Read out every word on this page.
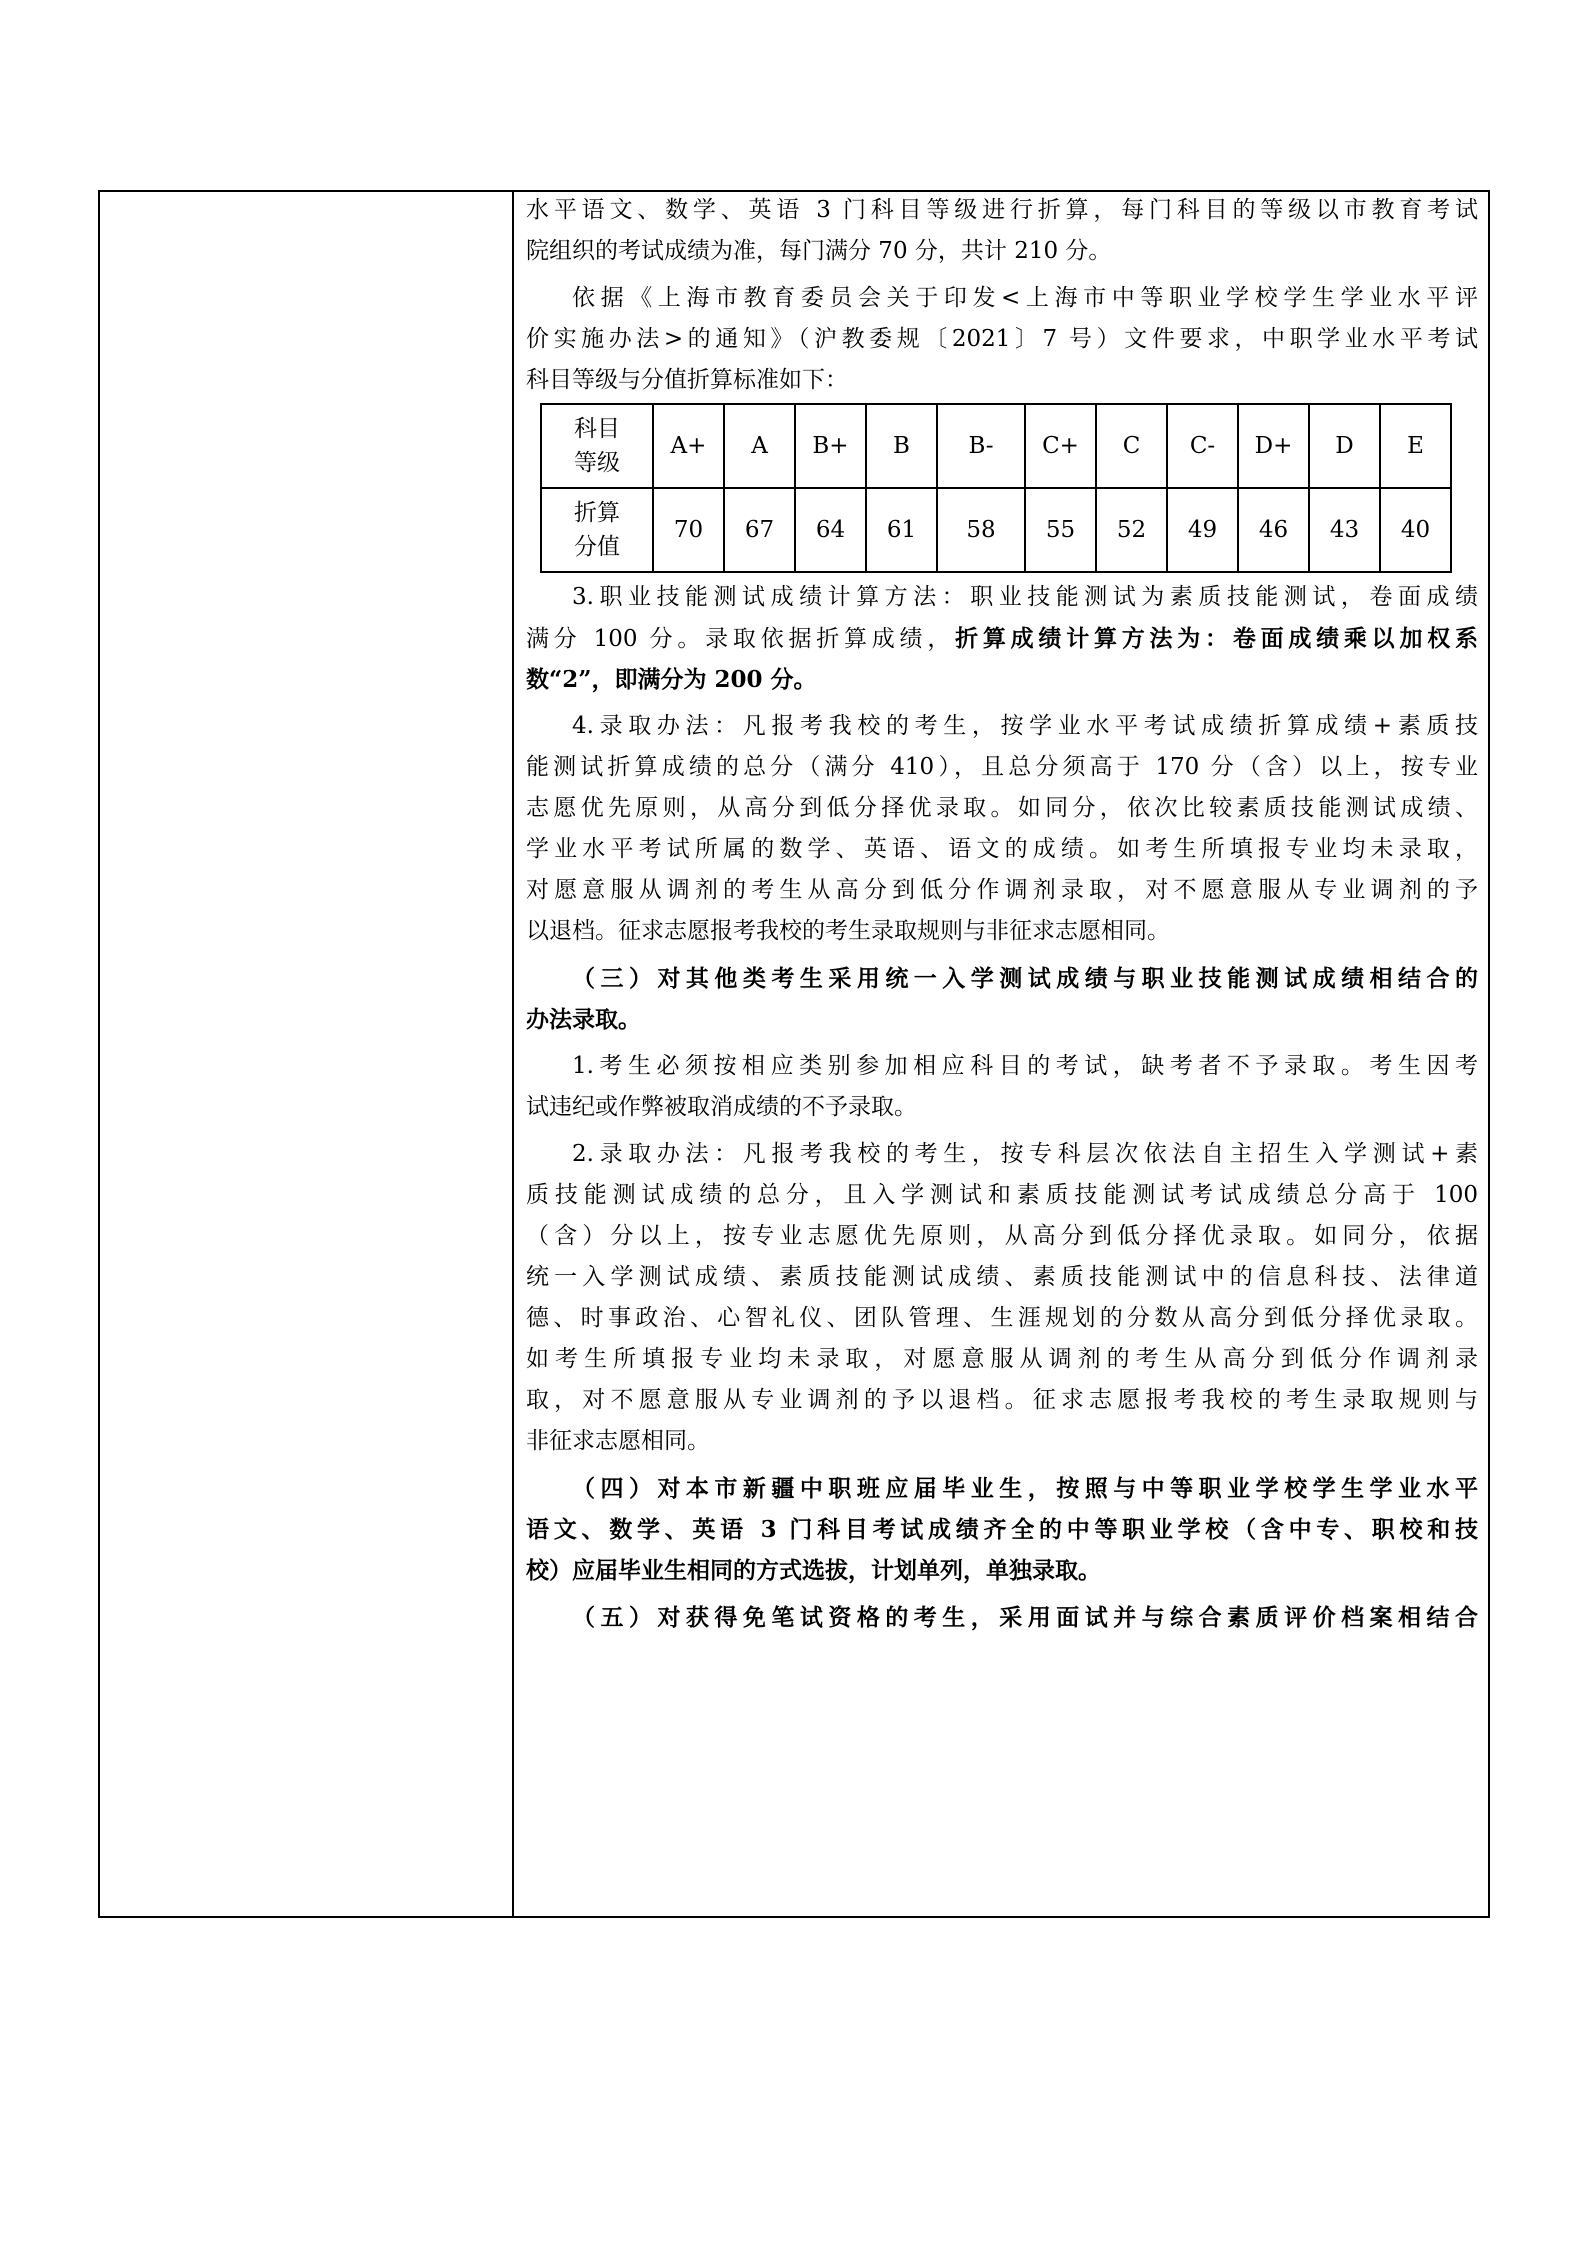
水平语文、数学、英语 3 门科目等级进行折算，每门科目的等级以市教育考试
院组织的考试成绩为准，每门满分 70 分，共计 210 分。
依据《上海市教育委员会关于印发<上海市中等职业学校学生学业水平评
价实施办法>的通知》（沪教委规〔2021〕7 号）文件要求，中职学业水平考试
科目等级与分值折算标准如下：
科目
等级	A+	A	B+	B	B-	C+	C	C-	D+	D	E

折算
分值	70	67	64	61	58	55	52	49	46	43	40
3.职业技能测试成绩计算方法：职业技能测试为素质技能测试，卷面成绩
满分 100 分。录取依据折算成绩，折算成绩计算方法为：卷面成绩乘以加权系
数“2”，即满分为 200 分。
4.录取办法：凡报考我校的考生，按学业水平考试成绩折算成绩+素质技
能测试折算成绩的总分（满分 410），且总分须高于 170 分（含）以上，按专业
志愿优先原则，从高分到低分择优录取。如同分，依次比较素质技能测试成绩、
学业水平考试所属的数学、英语、语文的成绩。如考生所填报专业均未录取，
对愿意服从调剂的考生从高分到低分作调剂录取，对不愿意服从专业调剂的予
以退档。征求志愿报考我校的考生录取规则与非征求志愿相同。
（三）对其他类考生采用统一入学测试成绩与职业技能测试成绩相结合的
办法录取。
1.考生必须按相应类别参加相应科目的考试，缺考者不予录取。考生因考
试违纪或作弊被取消成绩的不予录取。
2.录取办法：凡报考我校的考生，按专科层次依法自主招生入学测试+素
质技能测试成绩的总分，且入学测试和素质技能测试考试成绩总分高于 100
（含）分以上，按专业志愿优先原则，从高分到低分择优录取。如同分，依据
统一入学测试成绩、素质技能测试成绩、素质技能测试中的信息科技、法律道
德、时事政治、心智礼仪、团队管理、生涯规划的分数从高分到低分择优录取。
如考生所填报专业均未录取，对愿意服从调剂的考生从高分到低分作调剂录
取，对不愿意服从专业调剂的予以退档。征求志愿报考我校的考生录取规则与
非征求志愿相同。
（四）对本市新疆中职班应届毕业生，按照与中等职业学校学生学业水平
语文、数学、英语 3 门科目考试成绩齐全的中等职业学校（含中专、职校和技
校）应届毕业生相同的方式选拔，计划单列，单独录取。
（五）对获得免笔试资格的考生，采用面试并与综合素质评价档案相结合
